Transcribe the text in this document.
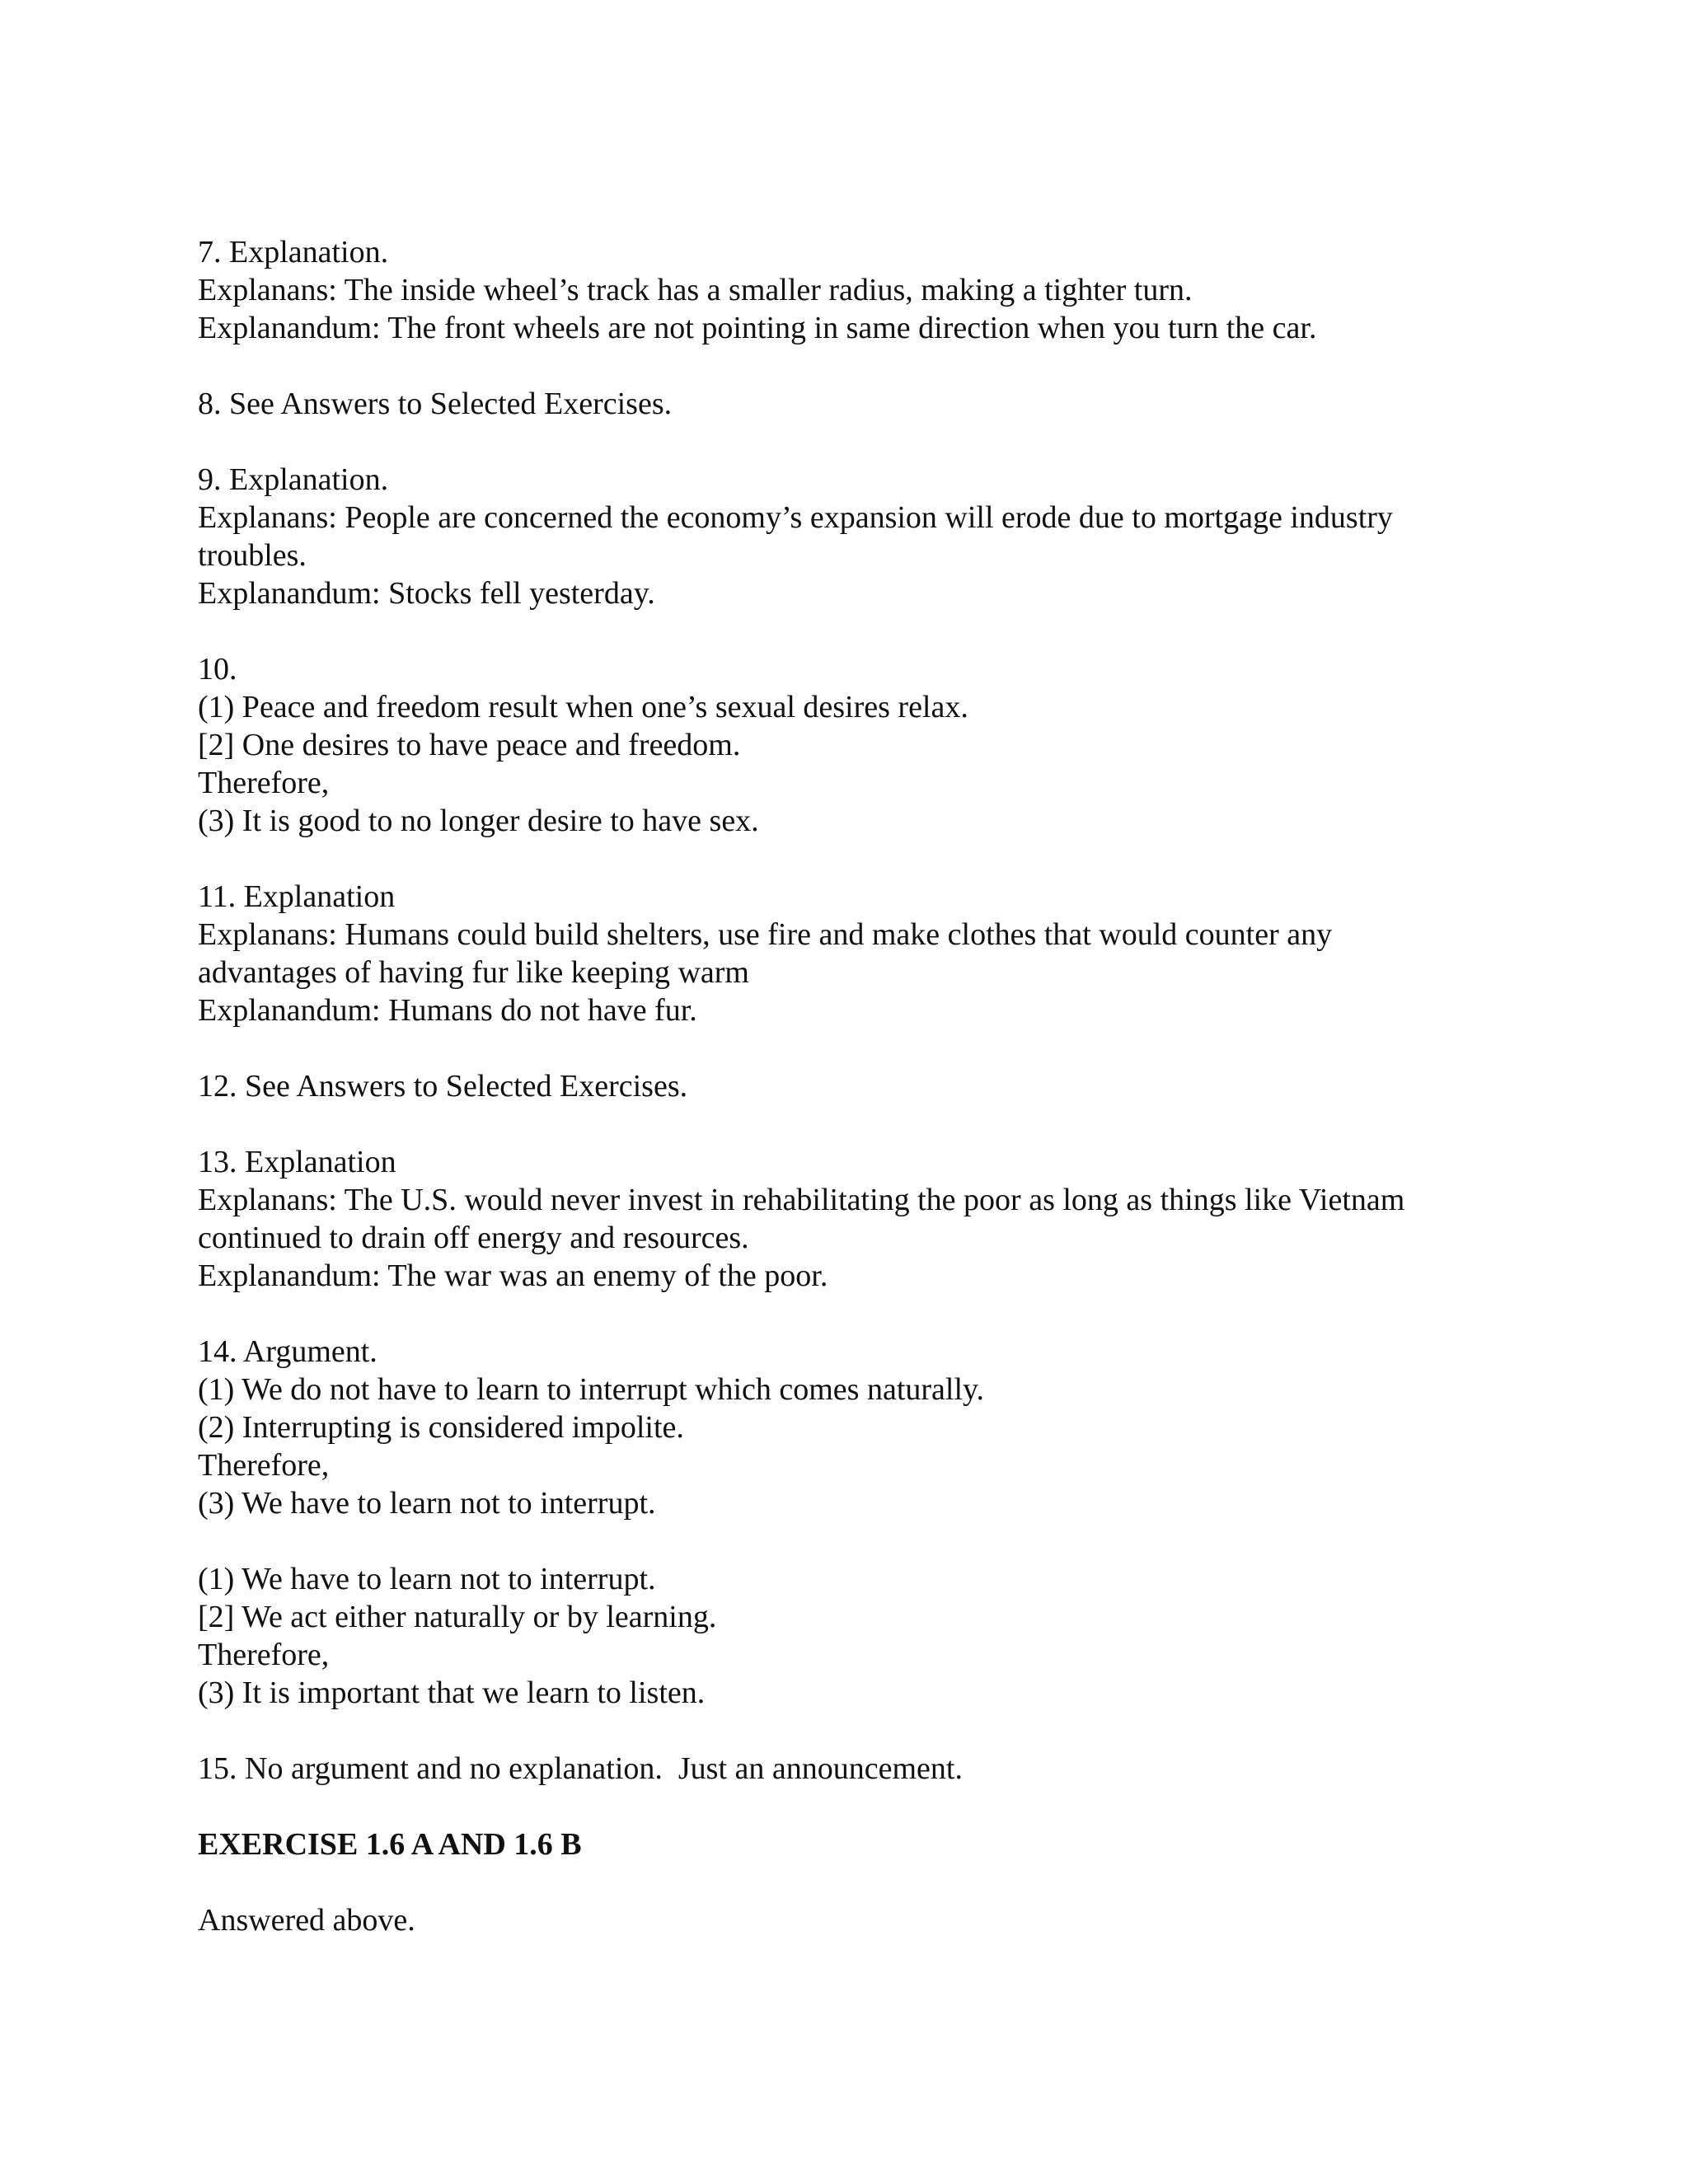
7. Explanation.
Explanans: The inside wheel’s track has a smaller radius, making a tighter turn.
Explanandum: The front wheels are not pointing in same direction when you turn the car.
8. See Answers to Selected Exercises.
9. Explanation.
Explanans: People are concerned the economy’s expansion will erode due to mortgage industry
troubles.
Explanandum: Stocks fell yesterday.
10.
(1) Peace and freedom result when one’s sexual desires relax.
[2] One desires to have peace and freedom.
Therefore,
(3) It is good to no longer desire to have sex.
11. Explanation
Explanans: Humans could build shelters, use fire and make clothes that would counter any
advantages of having fur like keeping warm
Explanandum: Humans do not have fur.
12. See Answers to Selected Exercises.
13. Explanation
Explanans: The U.S. would never invest in rehabilitating the poor as long as things like Vietnam
continued to drain off energy and resources.
Explanandum: The war was an enemy of the poor.
14. Argument.
(1) We do not have to learn to interrupt which comes naturally.
(2) Interrupting is considered impolite.
Therefore,
(3) We have to learn not to interrupt.
(1) We have to learn not to interrupt.
[2] We act either naturally or by learning.
Therefore,
(3) It is important that we learn to listen.
15. No argument and no explanation.  Just an announcement.
EXERCISE 1.6 A AND 1.6 B
Answered above.
